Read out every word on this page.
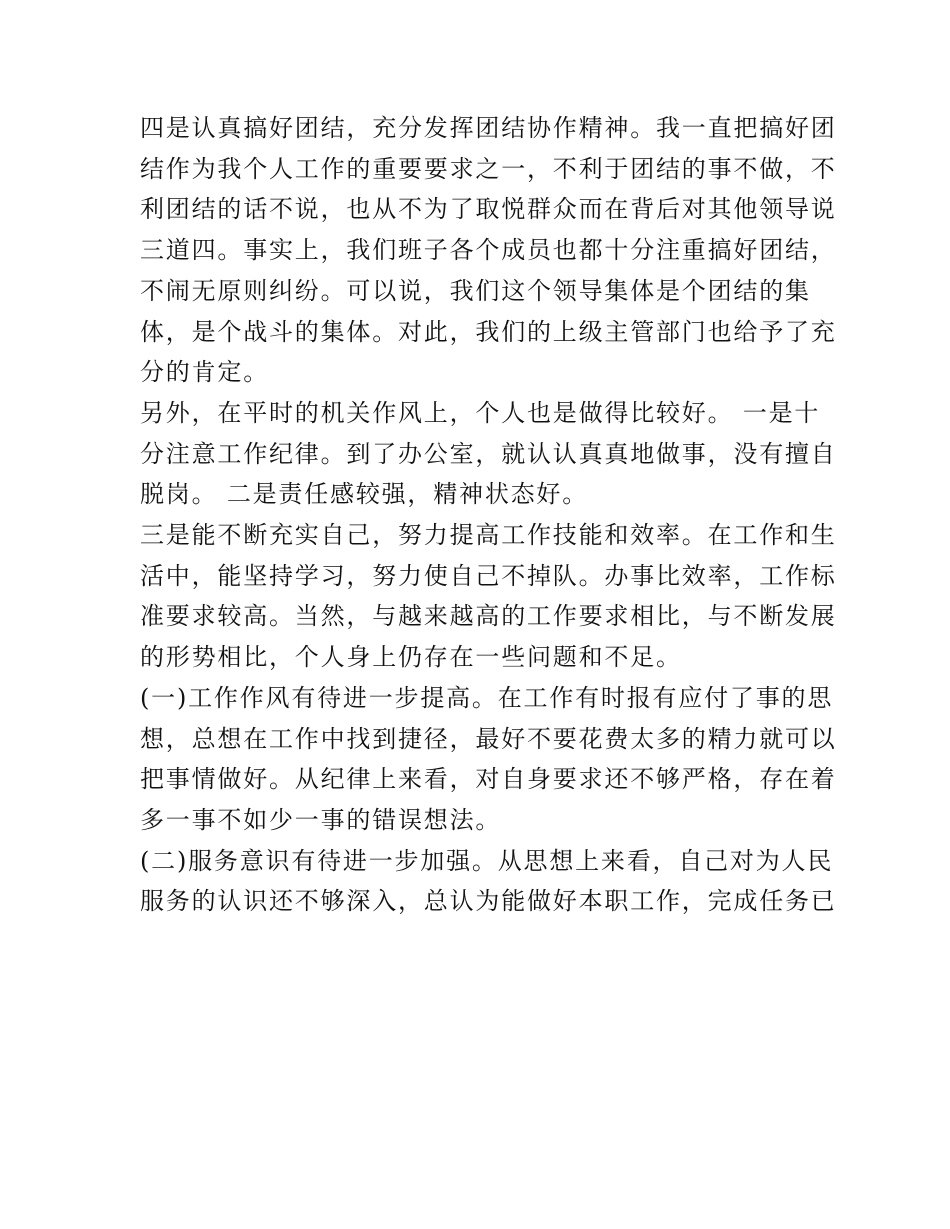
四是认真搞好团结，充分发挥团结协作精神。我一直把搞好团

结作为我个人工作的重要要求之一，不利于团结的事不做，不

利团结的话不说，也从不为了取悦群众而在背后对其他领导说

三道四。事实上，我们班子各个成员也都十分注重搞好团结，

不闹无原则纠纷。可以说，我们这个领导集体是个团结的集

体，是个战斗的集体。对此，我们的上级主管部门也给予了充

分的肯定。

另外，在平时的机关作风上，个人也是做得比较好。 一是十

分注意工作纪律。到了办公室，就认认真真地做事，没有擅自

脱岗。 二是责任感较强，精神状态好。

三是能不断充实自己，努力提高工作技能和效率。在工作和生

活中，能坚持学习，努力使自己不掉队。办事比效率，工作标

准要求较高。当然，与越来越高的工作要求相比，与不断发展

的形势相比，个人身上仍存在一些问题和不足。

(一)工作作风有待进一步提高。在工作有时报有应付了事的思

想，总想在工作中找到捷径，最好不要花费太多的精力就可以

把事情做好。从纪律上来看，对自身要求还不够严格，存在着

多一事不如少一事的错误想法。

(二)服务意识有待进一步加强。从思想上来看，自己对为人民

服务的认识还不够深入，总认为能做好本职工作，完成任务已
